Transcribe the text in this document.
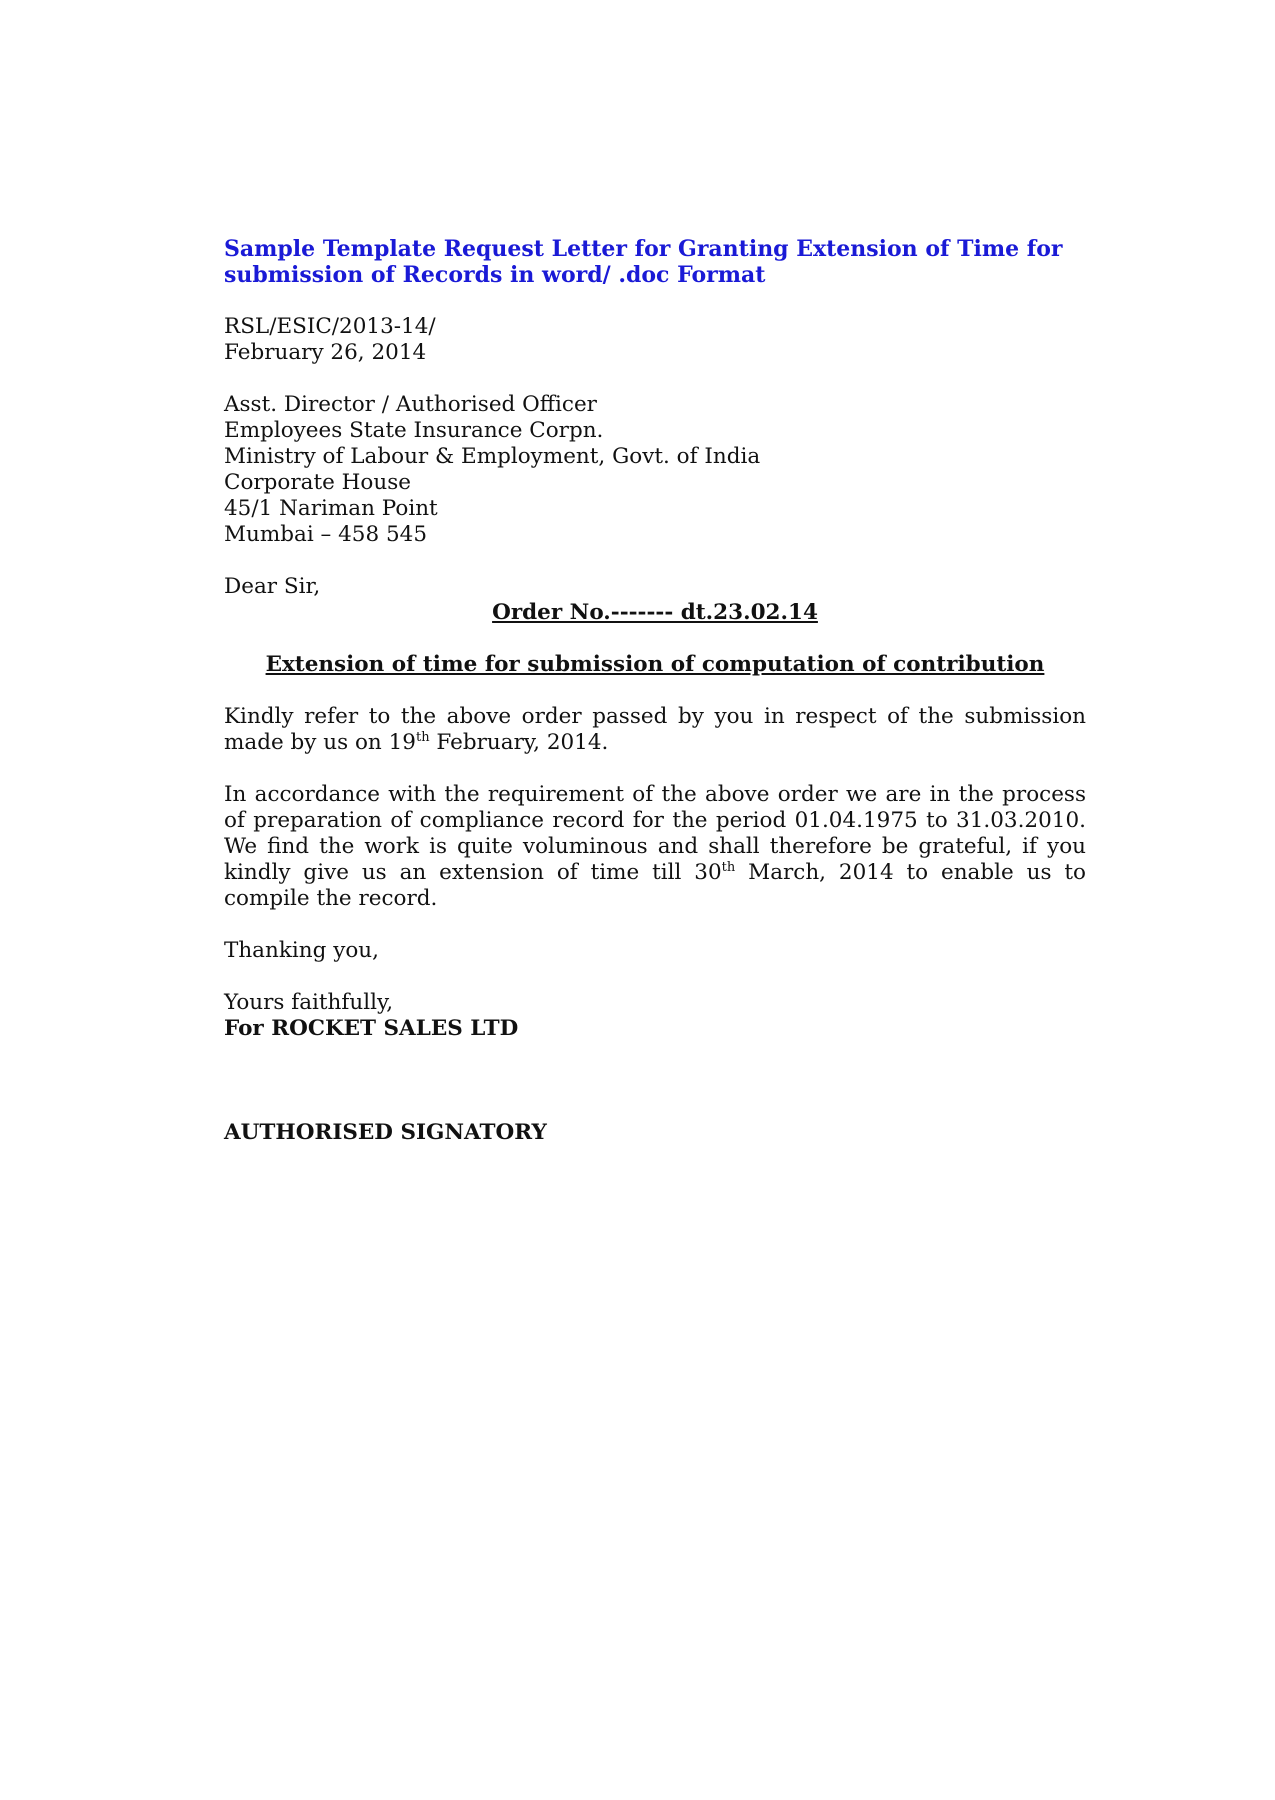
Sample Template Request Letter for Granting Extension of Time for
submission of Records in word/ .doc Format
RSL/ESIC/2013-14/
February 26, 2014
Asst. Director / Authorised Officer
Employees State Insurance Corpn.
Ministry of Labour & Employment, Govt. of India
Corporate House
45/1 Nariman Point
Mumbai – 458 545
Dear Sir,
Order No.------- dt.23.02.14
Extension of time for submission of computation of contribution

Kindly refer to the above order passed by you in respect of the submission made by us on 19th February, 2014.

In accordance with the requirement of the above order we are in the process of preparation of compliance record for the period 01.04.1975 to 31.03.2010. We find the work is quite voluminous and shall therefore be grateful, if you kindly give us an extension of time till 30th March, 2014 to enable us to compile the record.

Thanking you,
Yours faithfully,
For ROCKET SALES LTD
AUTHORISED SIGNATORY
